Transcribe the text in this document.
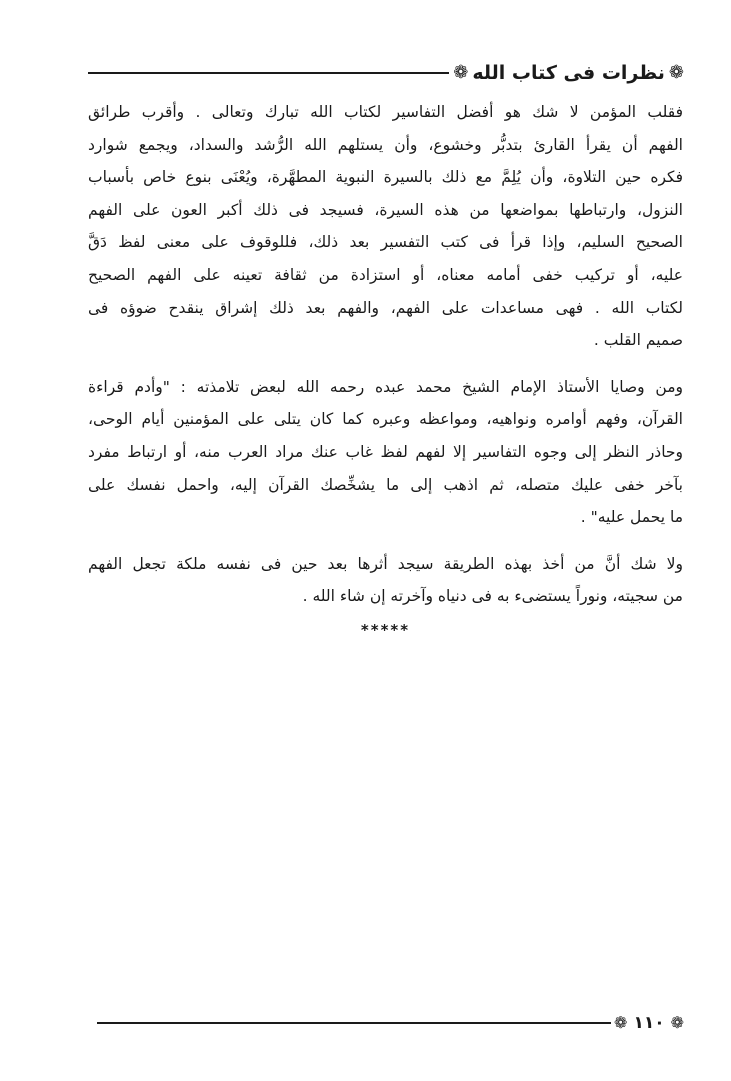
❁
نظرات فى كتاب الله
❁
فقلب المؤمن لا شك هو أفضل التفاسير لكتاب الله تبارك وتعالى . وأقرب طرائق
الفهم أن يقرأ القارئ بتدبُّر وخشوع، وأن يستلهم الله الرُّشد والسداد، ويجمع شوارد
فكره حين التلاوة، وأن يُلِمَّ مع ذلك بالسيرة النبوية المطهَّرة، ويُعْنَى بنوع خاص بأسباب
النزول، وارتباطها بمواضعها من هذه السيرة، فسيجد فى ذلك أكبر العون على الفهم
الصحيح السليم، وإذا قرأ فى كتب التفسير بعد ذلك، فللوقوف على معنى لفظ دَقَّ
عليه، أو تركيب خفى أمامه معناه، أو استزادة من ثقافة تعينه على الفهم الصحيح
لكتاب الله . فهى مساعدات على الفهم، والفهم بعد ذلك إشراق ينقدح ضوؤه فى
صميم القلب .
ومن وصايا الأستاذ الإمام الشيخ محمد عبده رحمه الله لبعض تلامذته : "وأدم قراءة
القرآن، وفهم أوامره ونواهيه، ومواعظه وعبره كما كان يتلى على المؤمنين أيام الوحى،
وحاذر النظر إلى وجوه التفاسير إلا لفهم لفظ غاب عنك مراد العرب منه، أو ارتباط مفرد
بآخر خفى عليك متصله، ثم اذهب إلى ما يشخِّصك القرآن إليه، واحمل نفسك على
ما يحمل عليه" .
ولا شك أنَّ من أخذ بهذه الطريقة سيجد أثرها بعد حين فى نفسه ملكة تجعل الفهم
من سجيته، ونوراً يستضىء به فى دنياه وآخرته إن شاء الله .
*****
❁
١١٠
❁
